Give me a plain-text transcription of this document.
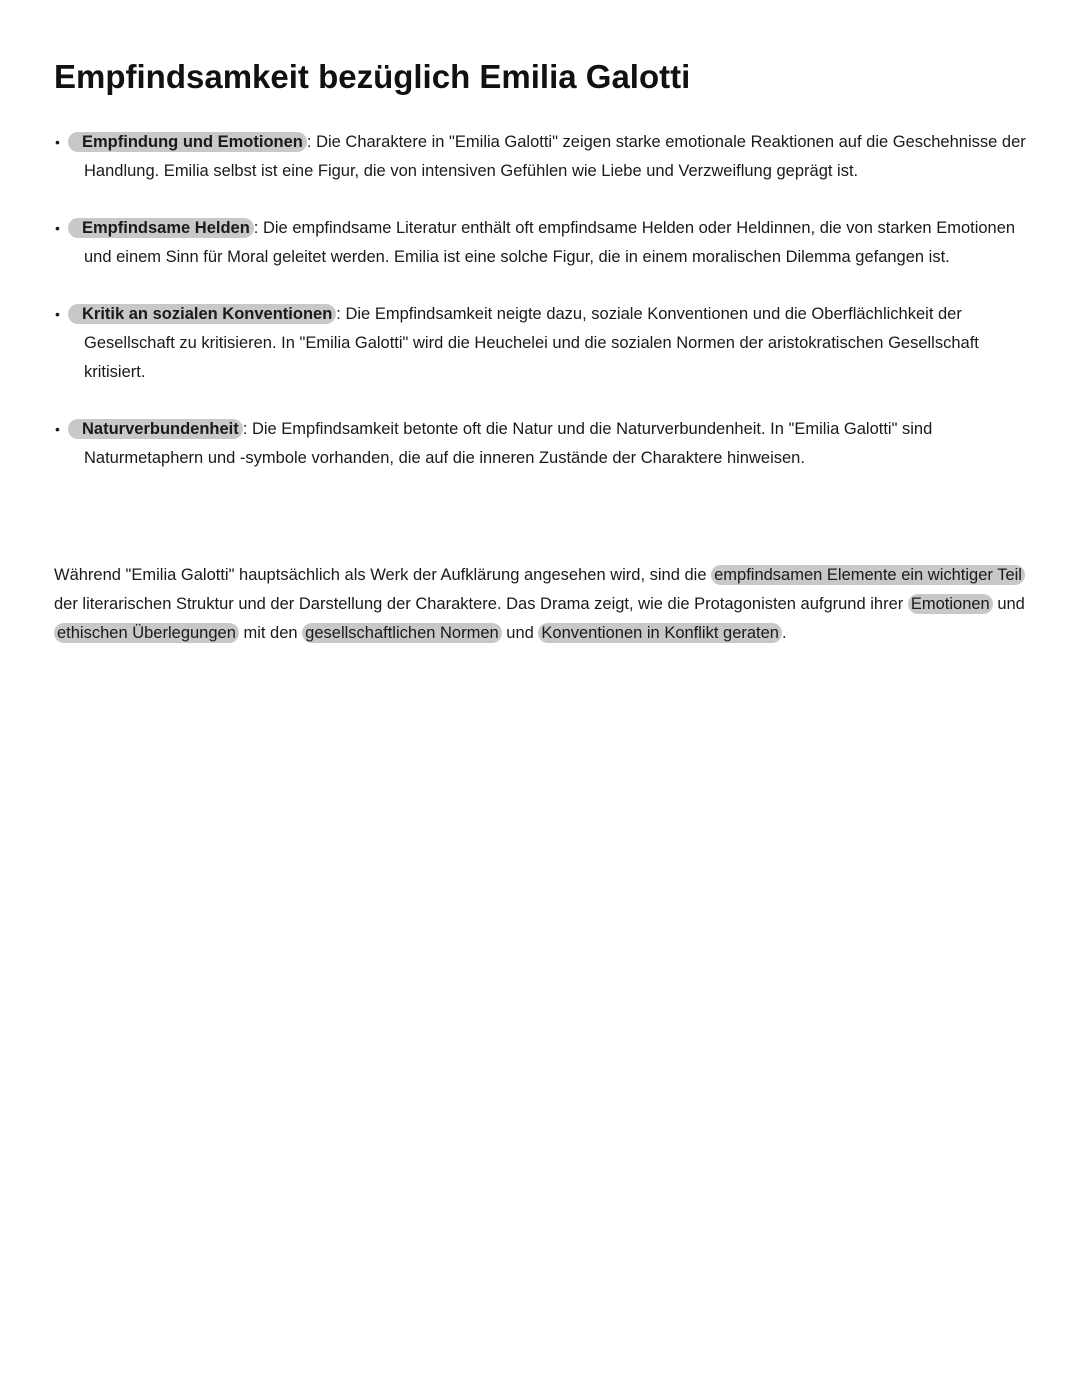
Empfindsamkeit bezüglich Emilia Galotti
• Empfindung und Emotionen : Die Charaktere in "Emilia Galotti" zeigen starke emotionale Reaktionen auf die Geschehnisse der Handlung. Emilia selbst ist eine Figur, die von intensiven Gefühlen wie Liebe und Verzweiflung geprägt ist.
• Empfindsame Helden : Die empfindsame Literatur enthält oft empfindsame Helden oder Heldinnen, die von starken Emotionen und einem Sinn für Moral geleitet werden. Emilia ist eine solche Figur, die in einem moralischen Dilemma gefangen ist.
• Kritik an sozialen Konventionen : Die Empfindsamkeit neigte dazu, soziale Konventionen und die Oberflächlichkeit der Gesellschaft zu kritisieren. In "Emilia Galotti" wird die Heuchelei und die sozialen Normen der aristokratischen Gesellschaft kritisiert.
• Naturverbundenheit : Die Empfindsamkeit betonte oft die Natur und die Naturverbundenheit. In "Emilia Galotti" sind Naturmetaphern und -symbole vorhanden, die auf die inneren Zustände der Charaktere hinweisen.

Während "Emilia Galotti" hauptsächlich als Werk der Aufklärung angesehen wird, sind die empfindsamen Elemente ein wichtiger Teil der literarischen Struktur und der Darstellung der Charaktere. Das Drama zeigt, wie die Protagonisten aufgrund ihrer Emotionen und ethischen Überlegungen mit den gesellschaftlichen Normen und Konventionen in Konflikt geraten .
